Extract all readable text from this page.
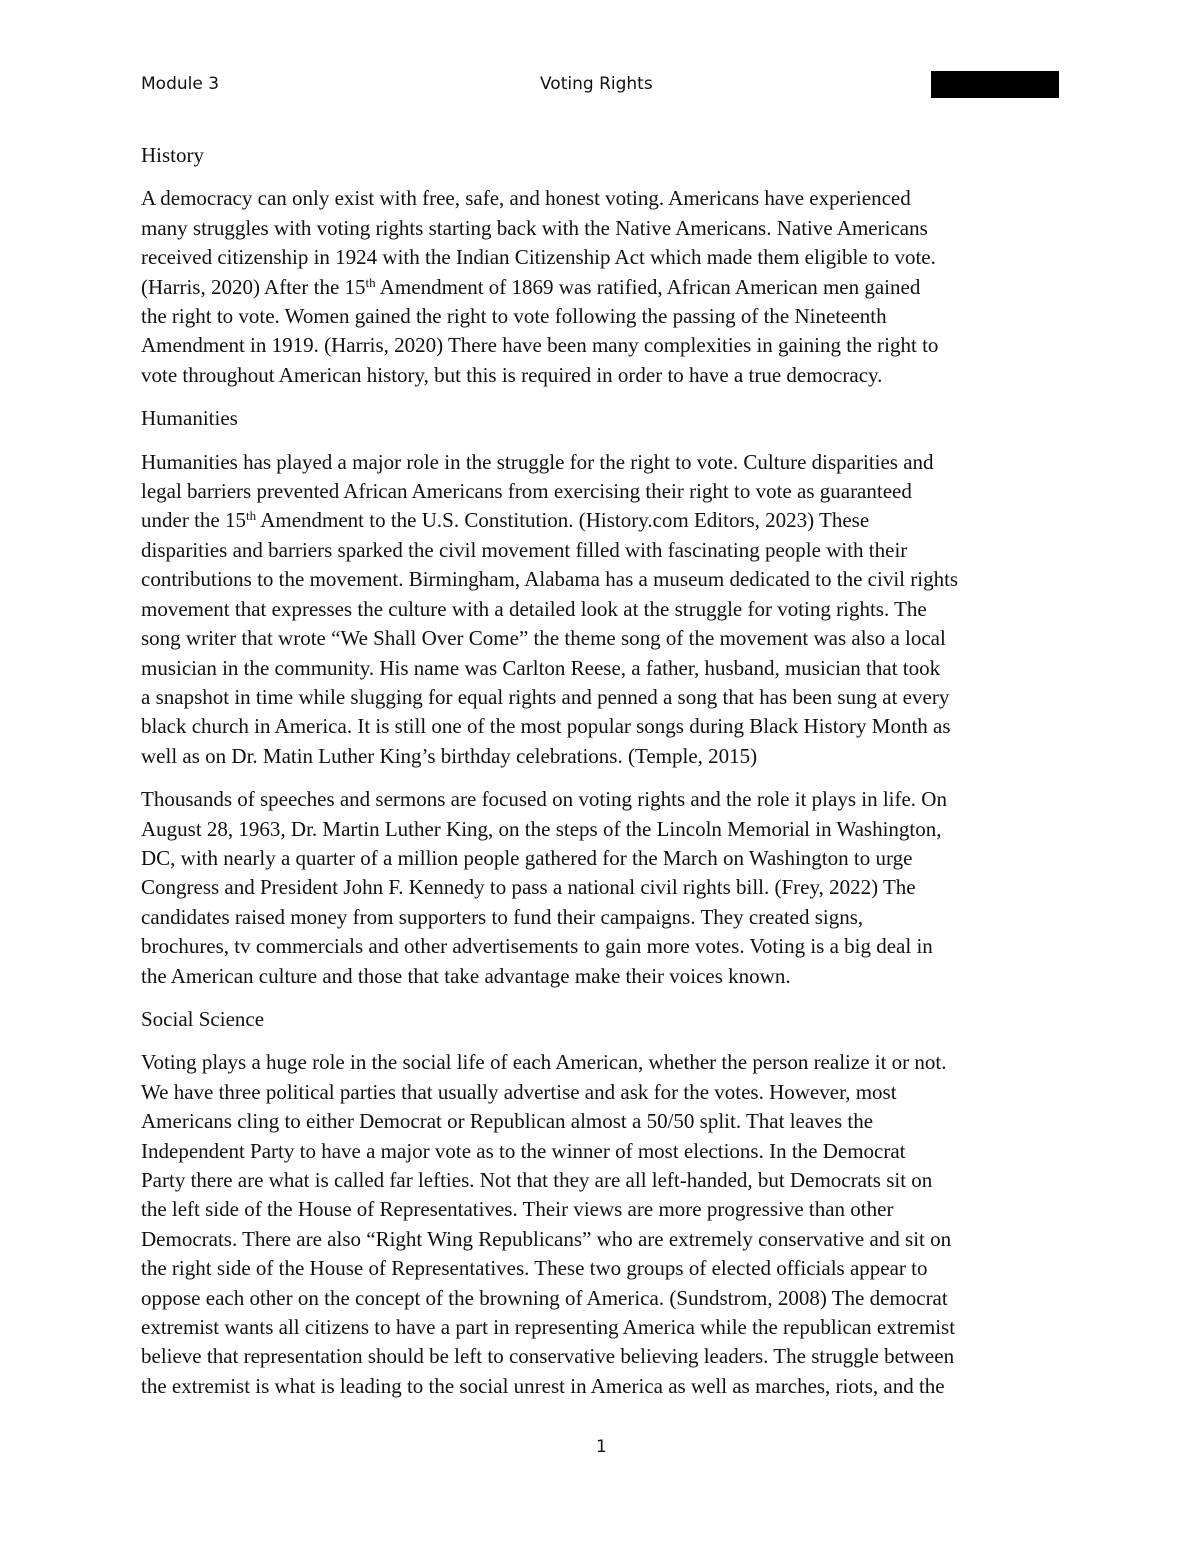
Module 3	Voting Rights

History

A democracy can only exist with free, safe, and honest voting. Americans have experienced
many struggles with voting rights starting back with the Native Americans. Native Americans
received citizenship in 1924 with the Indian Citizenship Act which made them eligible to vote.
(Harris, 2020) After the 15th Amendment of 1869 was ratified, African American men gained
the right to vote. Women gained the right to vote following the passing of the Nineteenth
Amendment in 1919. (Harris, 2020) There have been many complexities in gaining the right to
vote throughout American history, but this is required in order to have a true democracy.

Humanities

Humanities has played a major role in the struggle for the right to vote. Culture disparities and
legal barriers prevented African Americans from exercising their right to vote as guaranteed
under the 15th Amendment to the U.S. Constitution. (History.com Editors, 2023) These
disparities and barriers sparked the civil movement filled with fascinating people with their
contributions to the movement. Birmingham, Alabama has a museum dedicated to the civil rights
movement that expresses the culture with a detailed look at the struggle for voting rights. The
song writer that wrote “We Shall Over Come” the theme song of the movement was also a local
musician in the community. His name was Carlton Reese, a father, husband, musician that took
a snapshot in time while slugging for equal rights and penned a song that has been sung at every
black church in America. It is still one of the most popular songs during Black History Month as
well as on Dr. Matin Luther King’s birthday celebrations. (Temple, 2015)
Thousands of speeches and sermons are focused on voting rights and the role it plays in life. On
August 28, 1963, Dr. Martin Luther King, on the steps of the Lincoln Memorial in Washington,
DC, with nearly a quarter of a million people gathered for the March on Washington to urge
Congress and President John F. Kennedy to pass a national civil rights bill. (Frey, 2022) The
candidates raised money from supporters to fund their campaigns. They created signs,
brochures, tv commercials and other advertisements to gain more votes. Voting is a big deal in
the American culture and those that take advantage make their voices known.

Social Science

Voting plays a huge role in the social life of each American, whether the person realize it or not.
We have three political parties that usually advertise and ask for the votes. However, most
Americans cling to either Democrat or Republican almost a 50/50 split. That leaves the
Independent Party to have a major vote as to the winner of most elections. In the Democrat
Party there are what is called far lefties. Not that they are all left-handed, but Democrats sit on
the left side of the House of Representatives. Their views are more progressive than other
Democrats. There are also “Right Wing Republicans” who are extremely conservative and sit on
the right side of the House of Representatives. These two groups of elected officials appear to
oppose each other on the concept of the browning of America. (Sundstrom, 2008) The democrat
extremist wants all citizens to have a part in representing America while the republican extremist
believe that representation should be left to conservative believing leaders. The struggle between
the extremist is what is leading to the social unrest in America as well as marches, riots, and the
1
